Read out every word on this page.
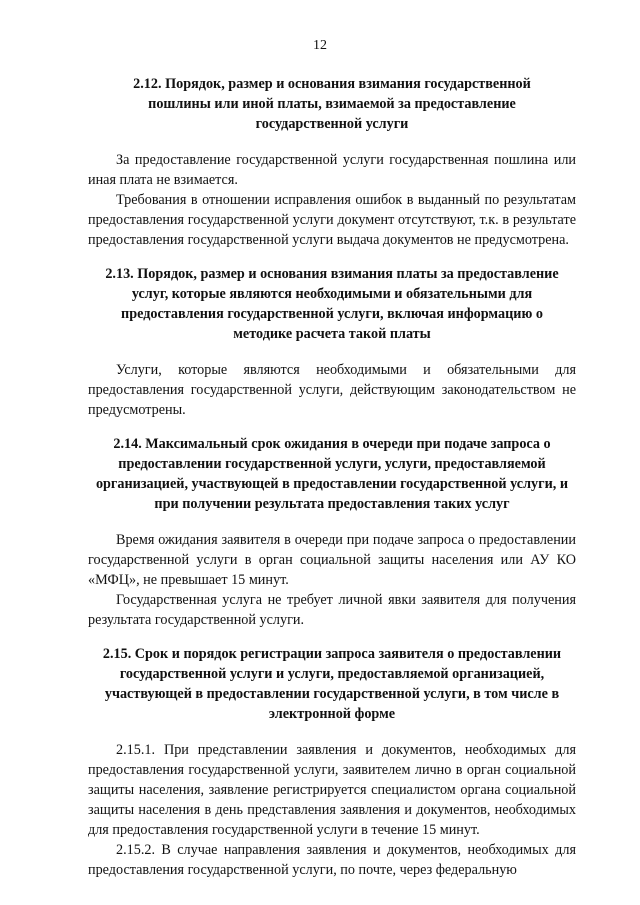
12
2.12. Порядок, размер и основания взимания государственной пошлины или иной платы, взимаемой за предоставление государственной услуги

За предоставление государственной услуги государственная пошлина или иная плата не взимается.

Требования в отношении исправления ошибок в выданный по результатам предоставления государственной услуги документ отсутствуют, т.к. в результате предоставления государственной услуги выдача документов не предусмотрена.

2.13. Порядок, размер и основания взимания платы за предоставление услуг, которые являются необходимыми и обязательными для предоставления государственной услуги, включая информацию о методике расчета такой платы

Услуги, которые являются необходимыми и обязательными для предоставления государственной услуги, действующим законодательством не предусмотрены.

2.14. Максимальный срок ожидания в очереди при подаче запроса о предоставлении государственной услуги, услуги, предоставляемой организацией, участвующей в предоставлении государственной услуги, и при получении результата предоставления таких услуг

Время ожидания заявителя в очереди при подаче запроса о предоставлении государственной услуги в орган социальной защиты населения или АУ КО «МФЦ», не превышает 15 минут.

Государственная услуга не требует личной явки заявителя для получения результата государственной услуги.

2.15. Срок и порядок регистрации запроса заявителя о предоставлении государственной услуги и услуги, предоставляемой организацией, участвующей в предоставлении государственной услуги, в том числе в электронной форме

2.15.1. При представлении заявления и документов, необходимых для предоставления государственной услуги, заявителем лично в орган социальной защиты населения, заявление регистрируется специалистом органа социальной защиты населения в день представления заявления и документов, необходимых для предоставления государственной услуги в течение 15 минут.

2.15.2. В случае направления заявления и документов, необходимых для предоставления государственной услуги, по почте, через федеральную
